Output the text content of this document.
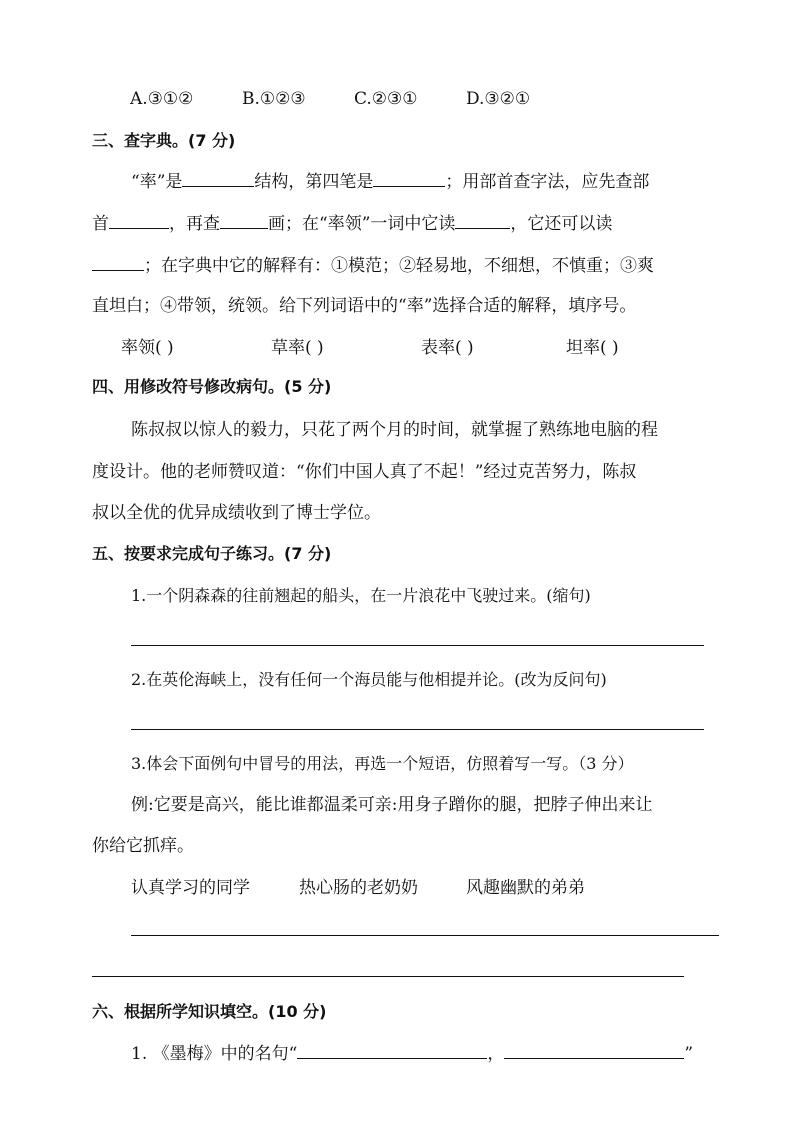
A.③①②	B.①②③	C.②③①	D.③②①
三、查字典。(7 分)
“率”是	结构，第四笔是	；用部首查字法，应先查部
首	，再查	画；在“率领”一词中它读	，它还可以读
；在字典中它的解释有：①模范；②轻易地，不细想，不慎重；③爽
直坦白；④带领，统领。给下列词语中的“率”选择合适的解释，填序号。
率领( )	草率( )	表率( )	坦率( )
四、用修改符号修改病句。(5 分)
陈叔叔以惊人的毅力，只花了两个月的时间，就掌握了熟练地电脑的程
度设计。他的老师赞叹道：“你们中国人真了不起！”经过克苦努力，陈叔
叔以全优的优异成绩收到了博士学位。
五、按要求完成句子练习。(7 分)
1.一个阴森森的往前翘起的船头，在一片浪花中飞驶过来。(缩句)
2.在英伦海峡上，没有任何一个海员能与他相提并论。(改为反问句)
3.体会下面例句中冒号的用法，再选一个短语，仿照着写一写。（3 分）
例:它要是高兴，能比谁都温柔可亲:用身子蹭你的腿，把脖子伸出来让
你给它抓痒。
认真学习的同学	热心肠的老奶奶	风趣幽默的弟弟
六、根据所学知识填空。(10 分)
1. 《墨梅》中的名句“	，	”
